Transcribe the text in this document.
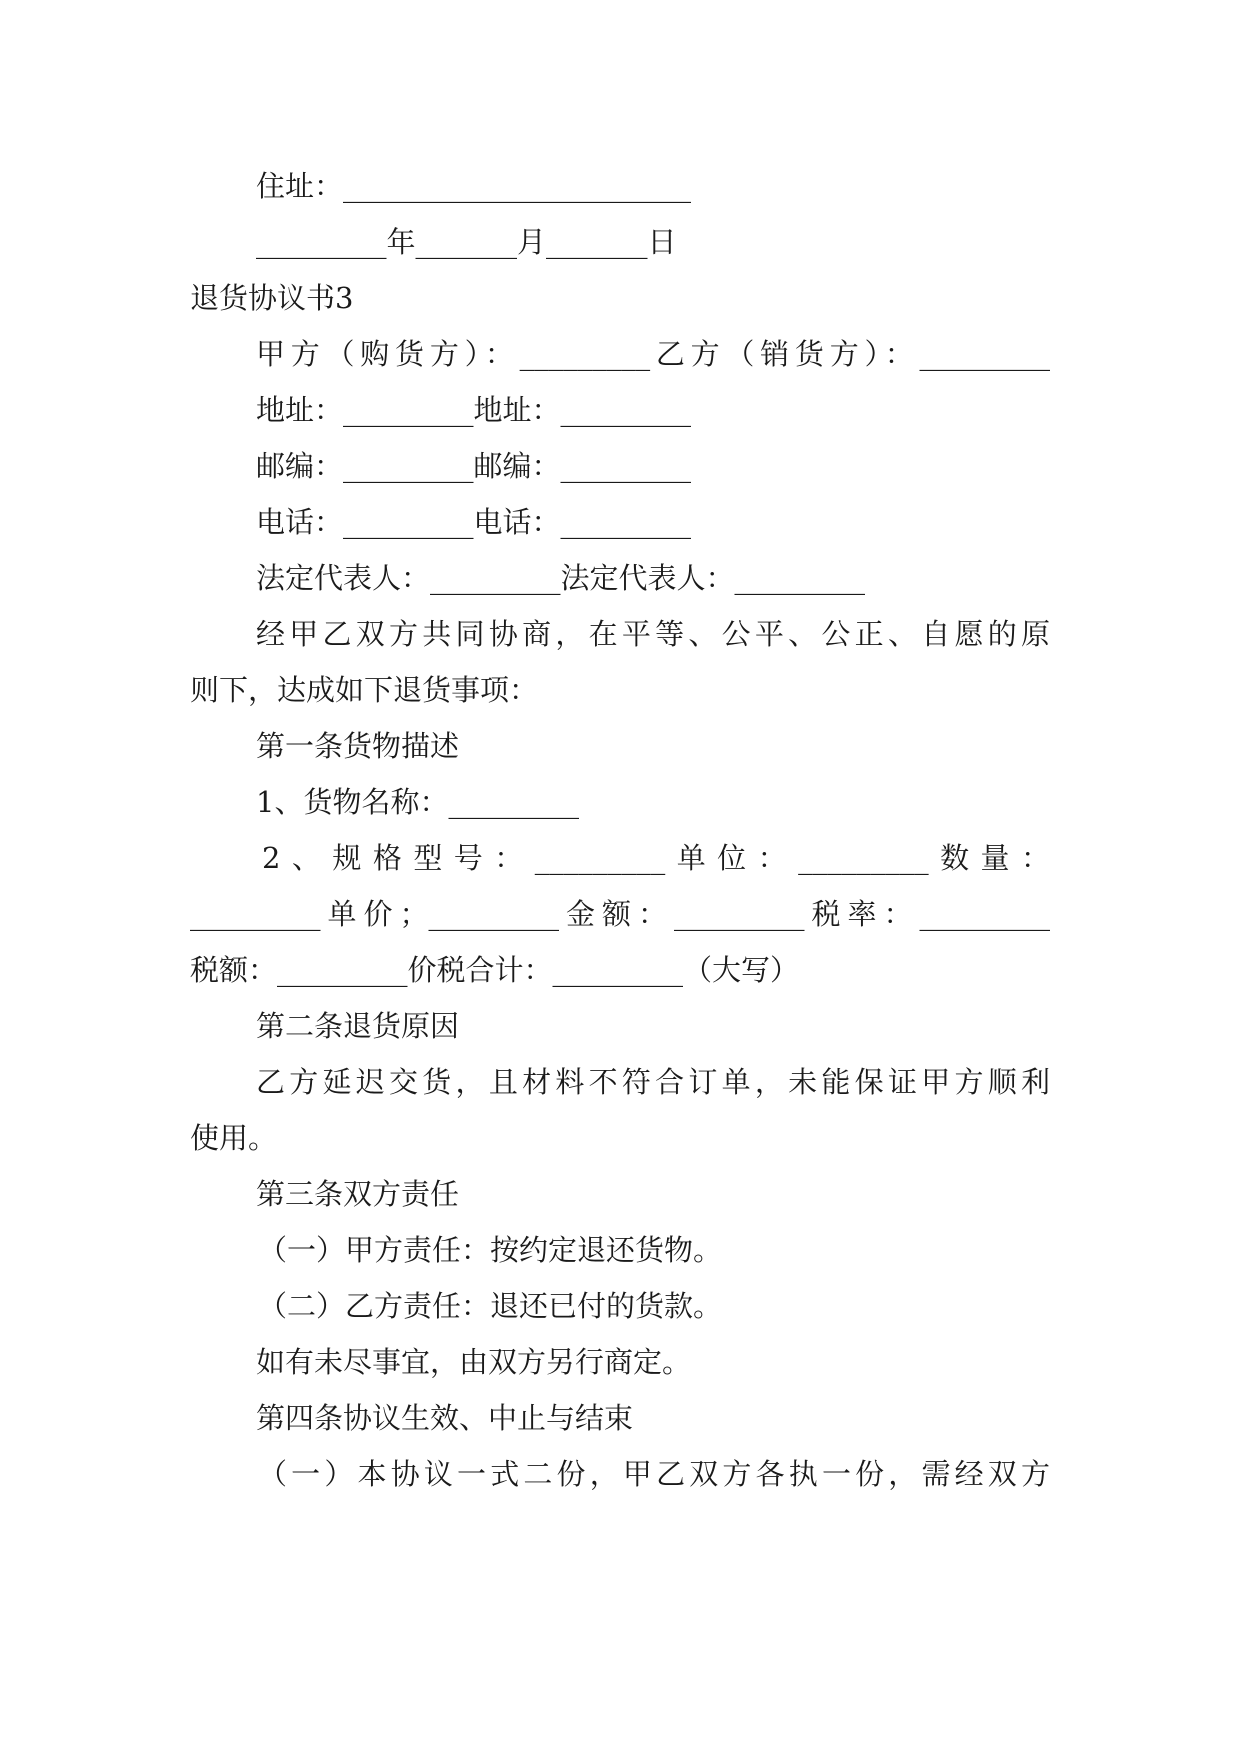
住址：________________________
_________年_______月_______日
退货协议书3
甲方（购货方）：_________乙方（销货方）：_________
地址：_________地址：_________
邮编：_________邮编：_________
电话：_________电话：_________
法定代表人：_________法定代表人：_________
经甲乙双方共同协商，在平等、公平、公正、自愿的原
则下，达成如下退货事项：
第一条货物描述
1、货物名称：_________
2、规格型号：_________单位：_________数量：
_________单价；_________金额：_________税率：_________
税额：_________价税合计：_________（大写）
第二条退货原因
乙方延迟交货，且材料不符合订单，未能保证甲方顺利
使用。
第三条双方责任
（一）甲方责任：按约定退还货物。
（二）乙方责任：退还已付的货款。
如有未尽事宜，由双方另行商定。
第四条协议生效、中止与结束
（一）本协议一式二份，甲乙双方各执一份，需经双方
